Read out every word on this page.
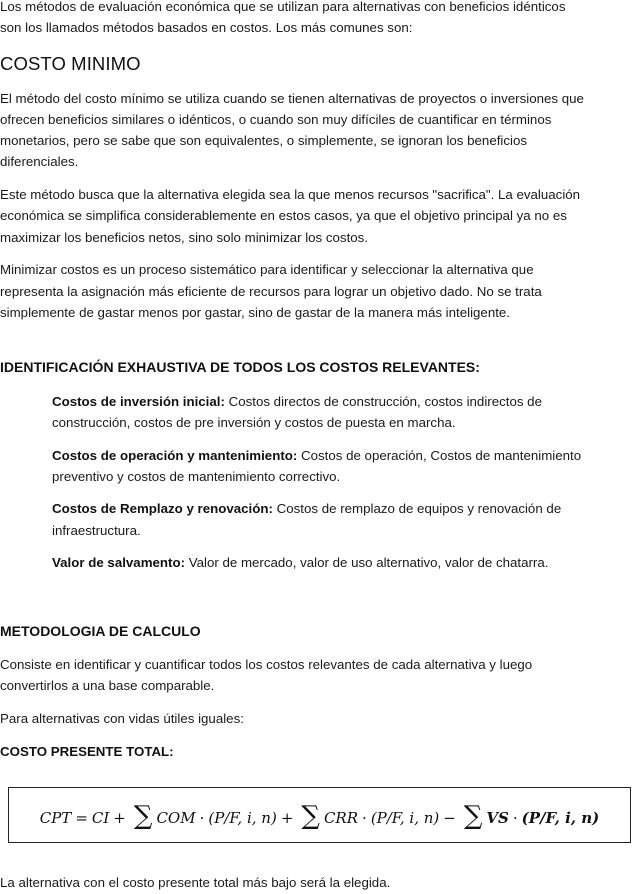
Los métodos de evaluación económica que se utilizan para alternativas con beneficios idénticos

son los llamados métodos basados en costos. Los más comunes son:

COSTO MINIMO

El método del costo mínimo se utiliza cuando se tienen alternativas de proyectos o inversiones que

ofrecen beneficios similares o idénticos, o cuando son muy difíciles de cuantificar en términos

monetarios, pero se sabe que son equivalentes, o simplemente, se ignoran los beneficios

diferenciales.

Este método busca que la alternativa elegida sea la que menos recursos "sacrifica". La evaluación

económica se simplifica considerablemente en estos casos, ya que el objetivo principal ya no es

maximizar los beneficios netos, sino solo minimizar los costos.

Minimizar costos es un proceso sistemático para identificar y seleccionar la alternativa que

representa la asignación más eficiente de recursos para lograr un objetivo dado. No se trata

simplemente de gastar menos por gastar, sino de gastar de la manera más inteligente.

IDENTIFICACIÓN EXHAUSTIVA DE TODOS LOS COSTOS RELEVANTES:

Costos de inversión inicial: Costos directos de construcción, costos indirectos de

construcción, costos de pre inversión y costos de puesta en marcha.

Costos de operación y mantenimiento: Costos de operación, Costos de mantenimiento

preventivo y costos de mantenimiento correctivo.

Costos de Remplazo y renovación: Costos de remplazo de equipos y renovación de

infraestructura.

Valor de salvamento: Valor de mercado, valor de uso alternativo, valor de chatarra.

METODOLOGIA DE CALCULO

Consiste en identificar y cuantificar todos los costos relevantes de cada alternativa y luego

convertirlos a una base comparable.

Para alternativas con vidas útiles iguales:

COSTO PRESENTE TOTAL:

CPT = CI + ∑ COM · (P/F, i, n) + ∑ CRR · (P/F, i, n) − ∑ VS · (P/F, i, n)

La alternativa con el costo presente total más bajo será la elegida.
